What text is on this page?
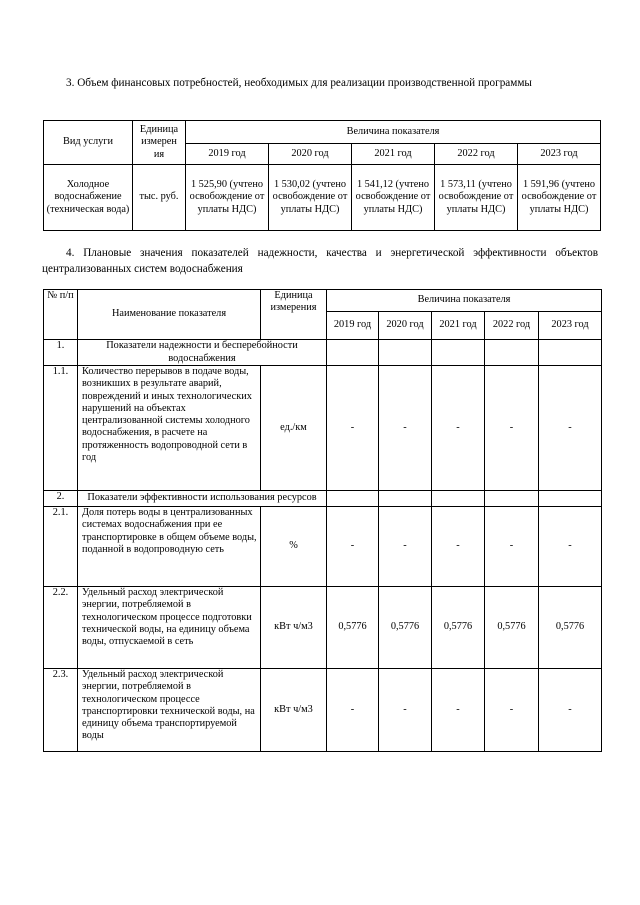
3. Объем финансовых потребностей, необходимых для реализации производственной программы
Вид услуги	Единица измерен ия	Величина показателя				
		2019 год	2020 год	2021 год	2022 год	2023 год
Холодное водоснабжение (техническая вода)	тыс. руб.	1 525,90 (учтено освобождение от уплаты НДС)	1 530,02 (учтено освобождение от уплаты НДС)	1 541,12 (учтено освобождение от уплаты НДС)	1 573,11 (учтено освобождение от уплаты НДС)	1 591,96 (учтено освобождение от уплаты НДС)
4. Плановые значения показателей надежности, качества и энергетической эффективности объектов централизованных систем водоснабжения
№ п/п	Наименование показателя	Единица измерения	Величина показателя				
			2019 год	2020 год	2021 год	2022 год	2023 год
1.	Показатели надежности и бесперебойности водоснабжения						
1.1.	Количество перерывов в подаче воды, возникших в результате аварий, повреждений и иных технологических нарушений на объектах централизованной системы холодного водоснабжения, в расчете на протяженность водопроводной сети в год	ед./км	-	-	-	-	-
2.	Показатели эффективности использования ресурсов						
2.1.	Доля потерь воды в централизованных системах водоснабжения при ее транспортировке в общем объеме воды, поданной в водопроводную сеть	%	-	-	-	-	-
2.2.	Удельный расход электрической энергии, потребляемой в технологическом процессе подготовки технической воды, на единицу объема воды, отпускаемой в сеть	кВт ч/м3	0,5776	0,5776	0,5776	0,5776	0,5776
2.3.	Удельный расход электрической энергии, потребляемой в технологическом процессе транспортировки технической воды, на единицу объема транспортируемой воды	кВт ч/м3	-	-	-	-	-
